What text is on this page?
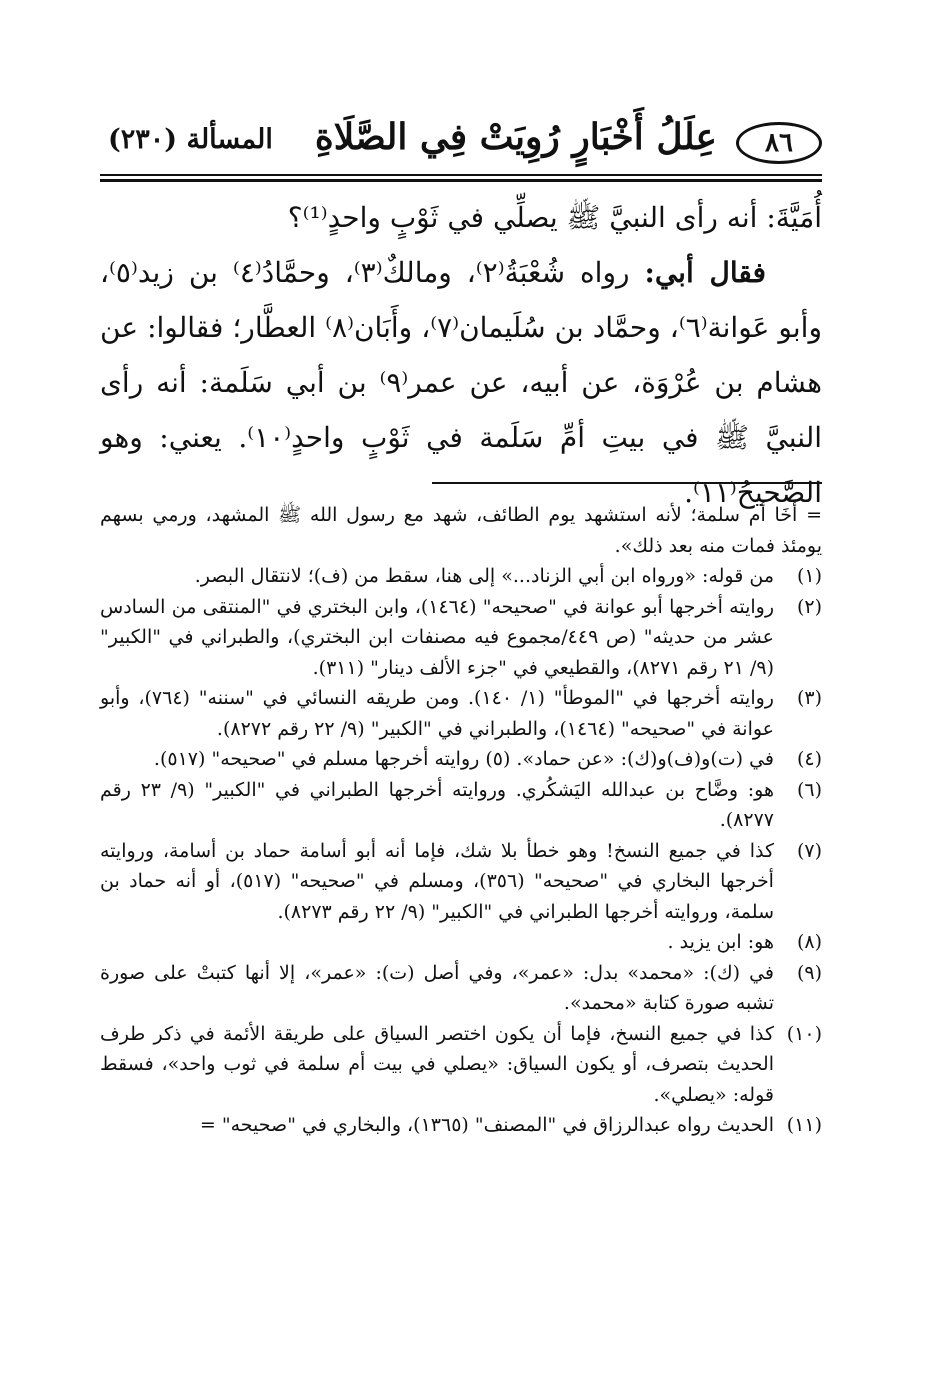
٨٦
عِلَلُ أَخْبَارٍ رُوِيَتْ فِي الصَّلَاةِ
المسألة (٢٣٠)

أُمَيَّةَ: أنه رأى النبيَّ ﷺ يصلِّي في ثَوْبٍ واحدٍ⁽¹⁾؟

  فقال أبي: رواه شُعْبَةُ⁽٢⁾، ومالكٌ⁽٣⁾، وحمَّادُ⁽٤⁾ بن زيد⁽٥⁾، وأبو عَوانة⁽٦⁾، وحمَّاد بن سُلَيمان⁽٧⁾، وأَبَان⁽٨⁾ العطَّار؛ فقالوا: عن هشام بن عُرْوَة، عن أبيه، عن عمر⁽٩⁾ بن أبي سَلَمة: أنه رأى النبيَّ ﷺ في بيتِ أمِّ سَلَمة في ثَوْبٍ واحدٍ⁽١٠⁾. يعني: وهو الصَّحيحُ⁽١١⁾.

= أخَا أم سلمة؛ لأنه استشهد يوم الطائف، شهد مع رسول الله ﷺ المشهد، ورمي بسهم يومئذ فمات منه بعد ذلك».
(١)
من قوله: «ورواه ابن أبي الزناد...» إلى هنا، سقط من (ف)؛ لانتقال البصر.
(٢)
روايته أخرجها أبو عوانة في "صحيحه" (١٤٦٤)، وابن البختري في "المنتقى من السادس عشر من حديثه" (ص ٤٤٩/مجموع فيه مصنفات ابن البختري)، والطبراني في "الكبير" (٩/ ٢١ رقم ٨٢٧١)، والقطيعي في "جزء الألف دينار" (٣١١).
(٣)
روايته أخرجها في "الموطأ" (١/ ١٤٠). ومن طريقه النسائي في "سننه" (٧٦٤)، وأبو عوانة في "صحيحه" (١٤٦٤)، والطبراني في "الكبير" (٩/ ٢٢ رقم ٨٢٧٢).
(٤)
في (ت)و(ف)و(ك): «عن حماد». (٥) روايته أخرجها مسلم في "صحيحه" (٥١٧).
(٦)
هو: وضَّاح بن عبدالله اليَشكُري. وروايته أخرجها الطبراني في "الكبير" (٩/ ٢٣ رقم ٨٢٧٧).
(٧)
كذا في جميع النسخ! وهو خطأ بلا شك، فإما أنه أبو أسامة حماد بن أسامة، وروايته أخرجها البخاري في "صحيحه" (٣٥٦)، ومسلم في "صحيحه" (٥١٧)، أو أنه حماد بن سلمة، وروايته أخرجها الطبراني في "الكبير" (٩/ ٢٢ رقم ٨٢٧٣).
(٨)
هو: ابن يزيد .
(٩)
في (ك): «محمد» بدل: «عمر»، وفي أصل (ت): «عمر»، إلا أنها كتبتْ على صورة تشبه صورة كتابة «محمد».
(١٠)
كذا في جميع النسخ، فإما أن يكون اختصر السياق على طريقة الأئمة في ذكر طرف الحديث بتصرف، أو يكون السياق: «يصلي في بيت أم سلمة في ثوب واحد»، فسقط قوله: «يصلي».
(١١)
الحديث رواه عبدالرزاق في "المصنف" (١٣٦٥)، والبخاري في "صحيحه" =
